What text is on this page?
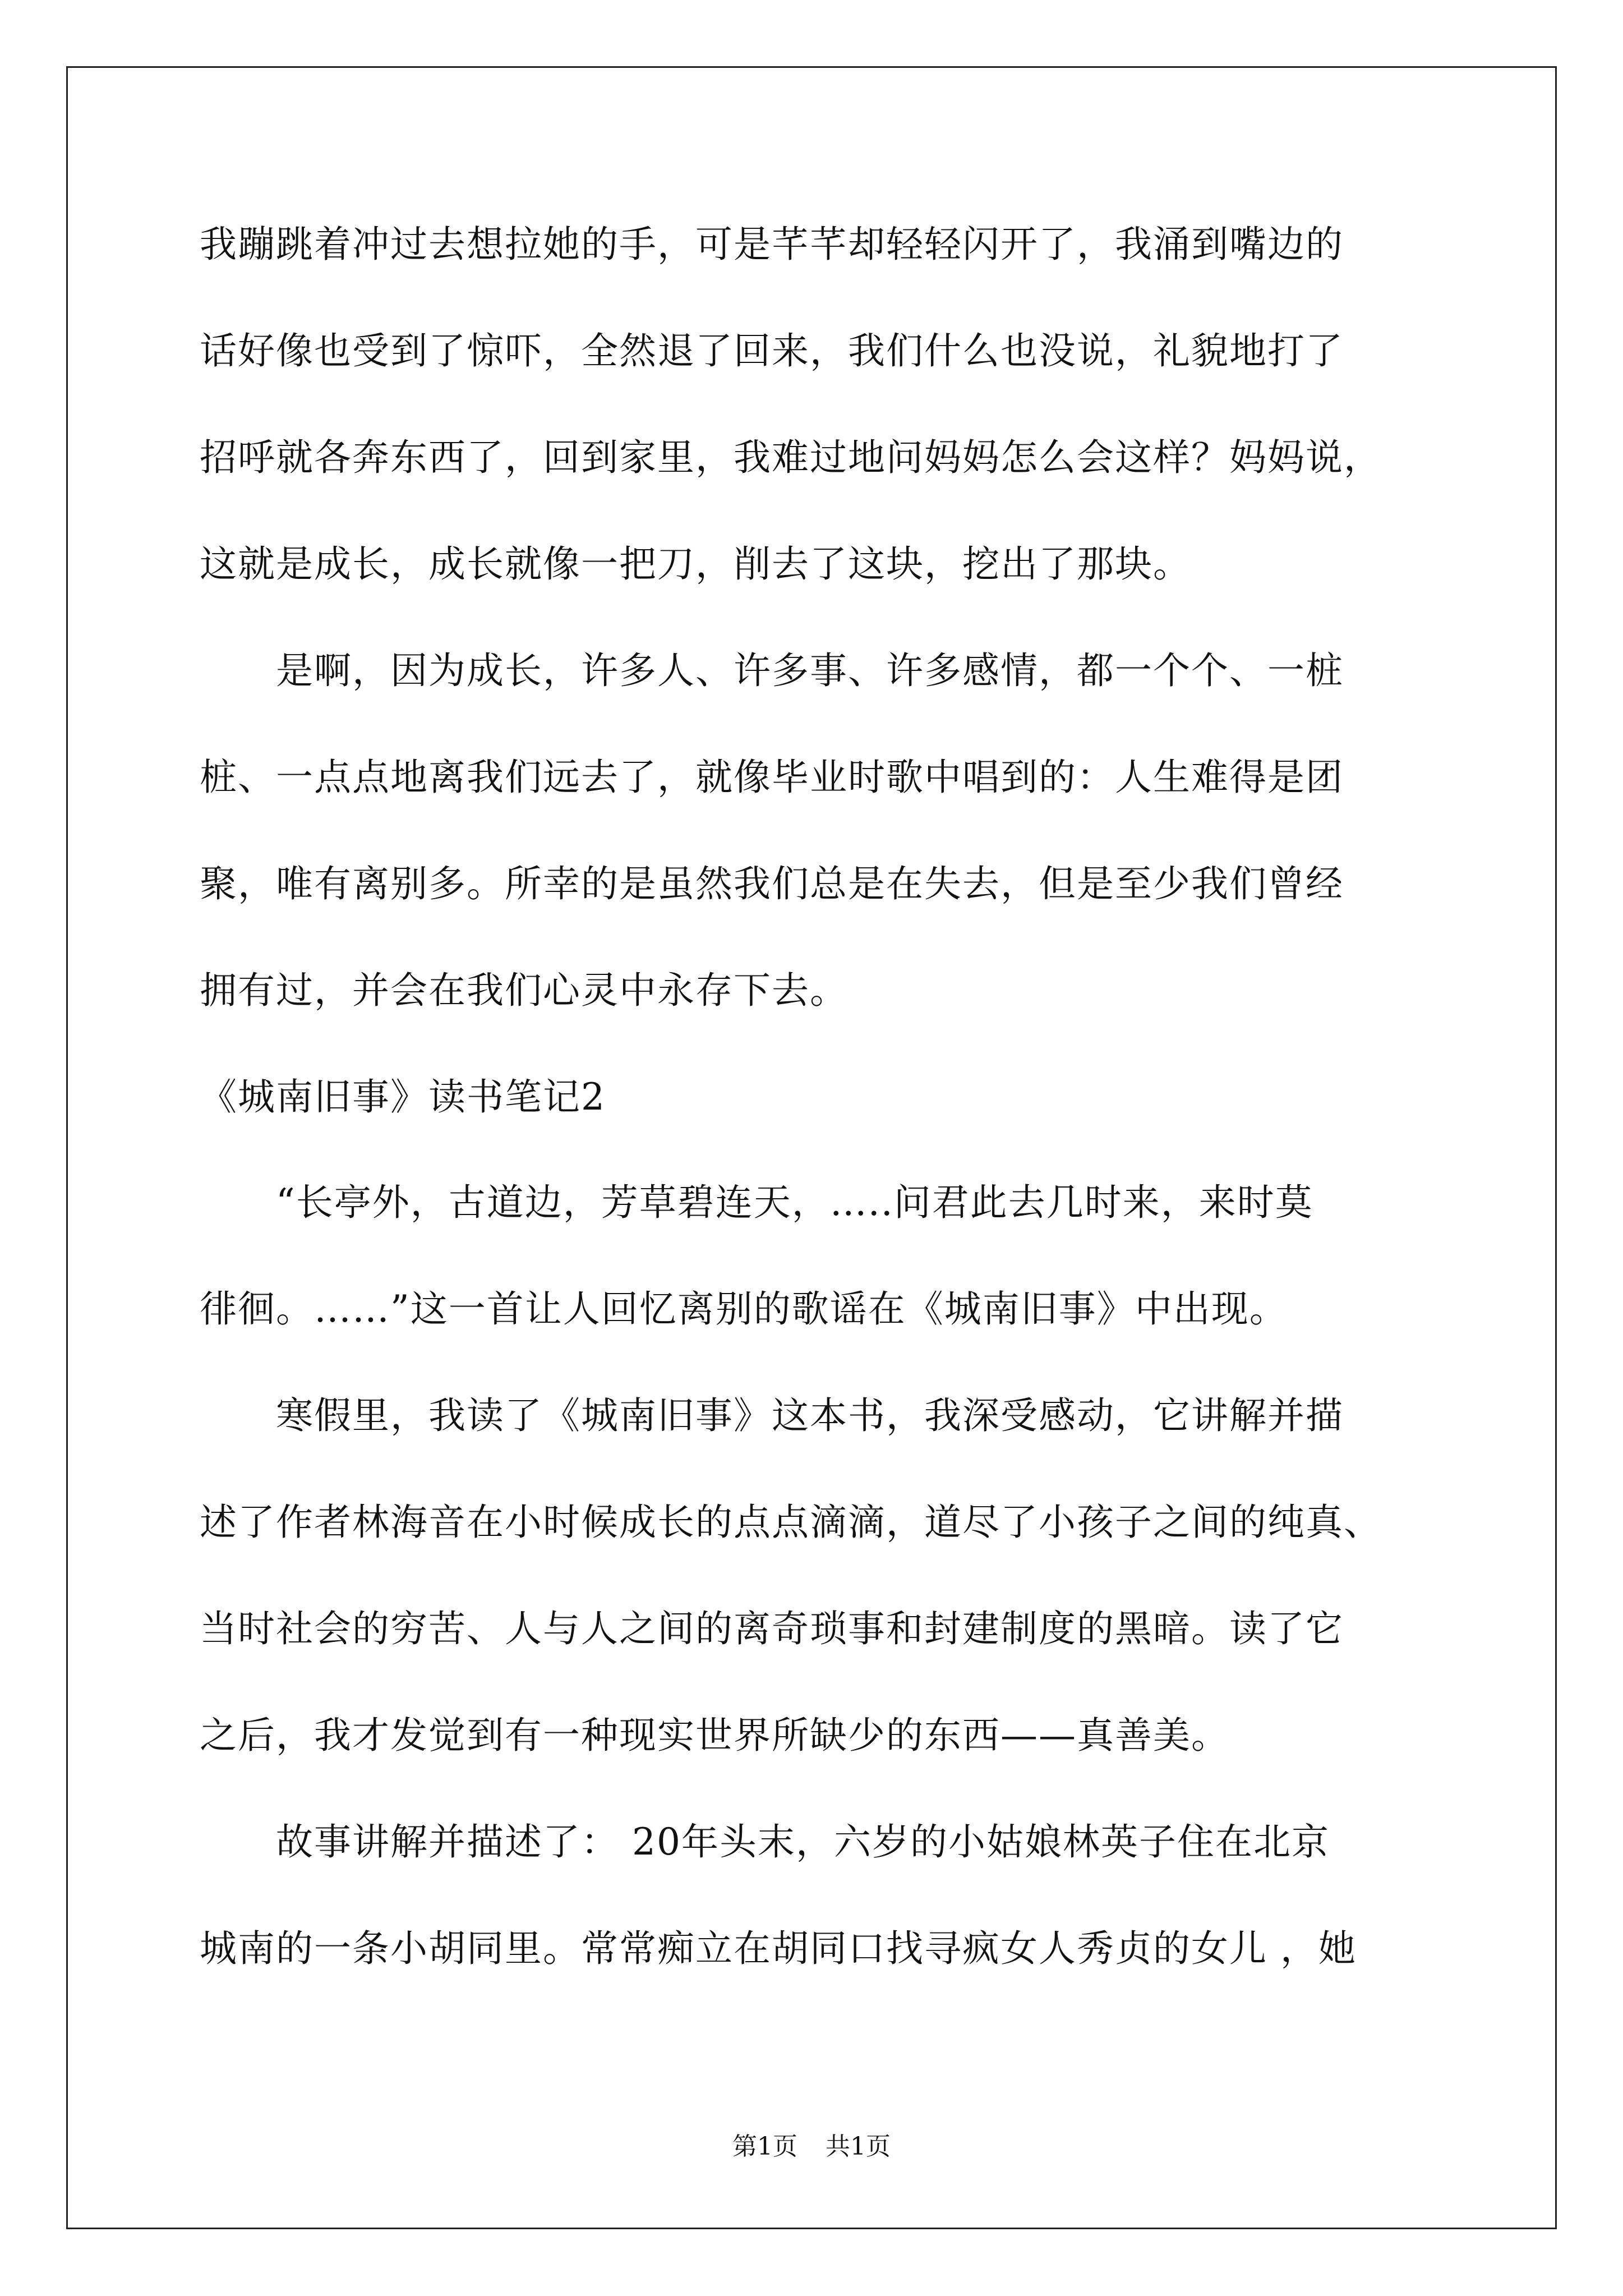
我蹦跳着冲过去想拉她的手，可是芊芊却轻轻闪开了，我涌到嘴边的
话好像也受到了惊吓，全然退了回来，我们什么也没说，礼貌地打了
招呼就各奔东西了，回到家里，我难过地问妈妈怎么会这样？妈妈说，
这就是成长，成长就像一把刀，削去了这块，挖出了那块。
　　是啊，因为成长，许多人、许多事、许多感情，都一个个、一桩
桩、一点点地离我们远去了，就像毕业时歌中唱到的：人生难得是团
聚，唯有离别多。所幸的是虽然我们总是在失去，但是至少我们曾经
拥有过，并会在我们心灵中永存下去。
《城南旧事》读书笔记2
　　“长亭外，古道边，芳草碧连天，…..问君此去几时来，来时莫
徘徊。……”这一首让人回忆离别的歌谣在《城南旧事》中出现。
　　寒假里，我读了《城南旧事》这本书，我深受感动，它讲解并描
述了作者林海音在小时候成长的点点滴滴，道尽了小孩子之间的纯真、
当时社会的穷苦、人与人之间的离奇琐事和封建制度的黑暗。读了它
之后，我才发觉到有一种现实世界所缺少的东西——真善美。
　　故事讲解并描述了： 20年头末，六岁的小姑娘林英子住在北京
城南的一条小胡同里。常常痴立在胡同口找寻疯女人秀贞的女儿 ，她
第1页 共1页
